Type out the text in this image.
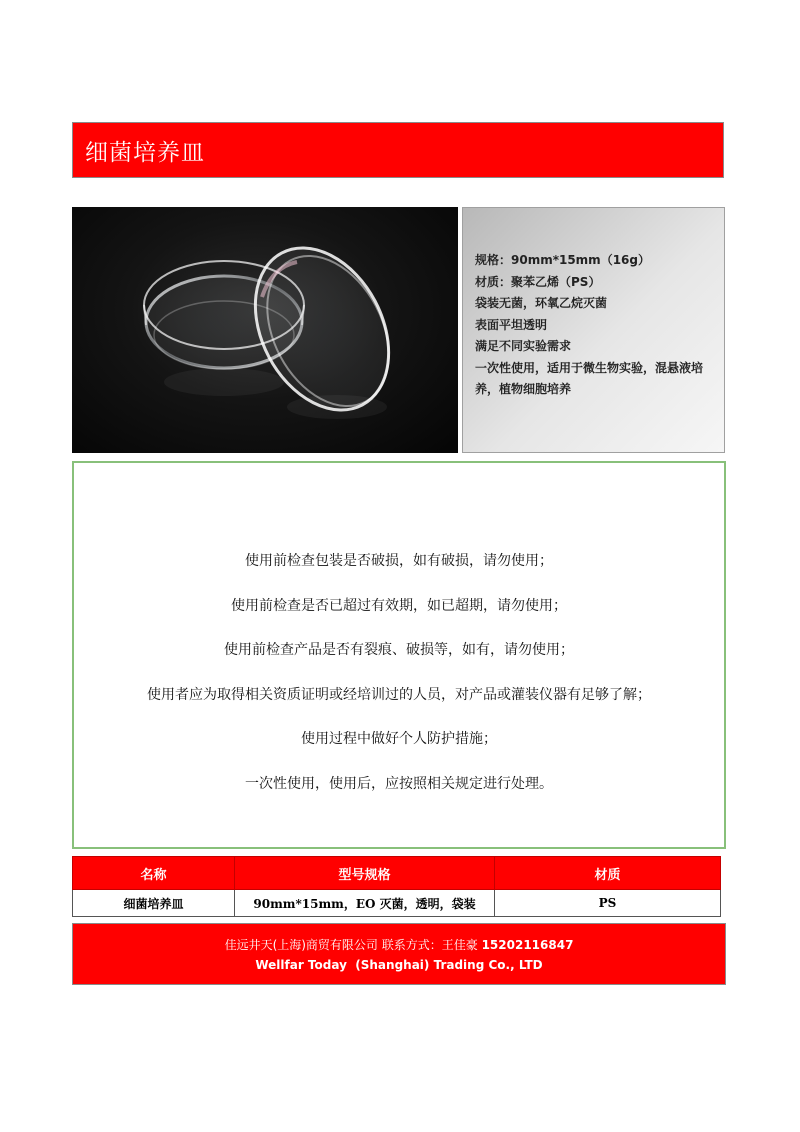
细菌培养皿
规格：90mm*15mm（16g）
材质：聚苯乙烯（PS）
袋装无菌，环氧乙烷灭菌
表面平坦透明
满足不同实验需求
一次性使用，适用于微生物实验，混悬液培养，植物细胞培养
使用前检查包装是否破损，如有破损，请勿使用；
使用前检查是否已超过有效期，如已超期，请勿使用；
使用前检查产品是否有裂痕、破损等，如有，请勿使用；
使用者应为取得相关资质证明或经培训过的人员，对产品或灌装仪器有足够了解；
使用过程中做好个人防护措施；
一次性使用，使用后，应按照相关规定进行处理。
名称	型号规格	材质
细菌培养皿	90mm*15mm，EO 灭菌，透明，袋装	PS
佳远井天(上海)商贸有限公司 联系方式：王佳豪 15202116847
Wellfar Today  (Shanghai) Trading Co., LTD
